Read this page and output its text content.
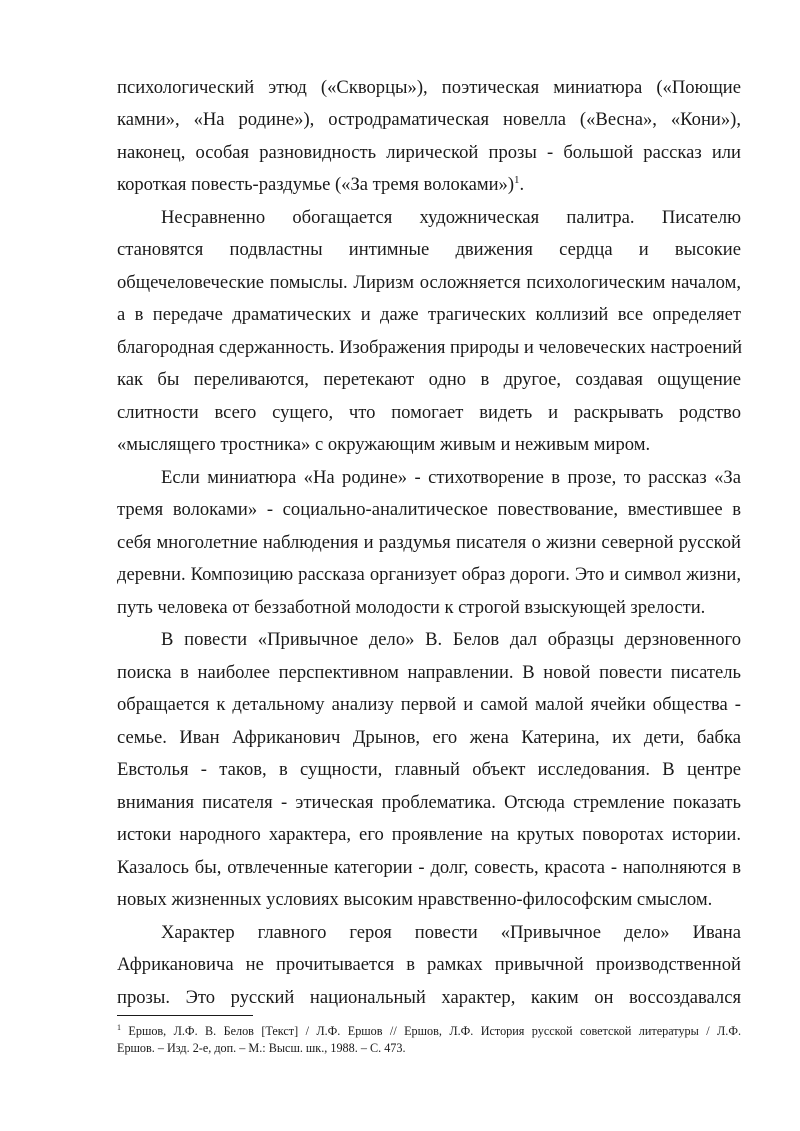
психологический этюд («Скворцы»), поэтическая миниатюра («Поющие
камни», «На родине»), остродраматическая новелла («Весна», «Кони»),
наконец, особая разновидность лирической прозы - большой рассказ или
короткая повесть-раздумье («За тремя волоками»)$^1$.
Несравненно обогащается художническая палитра. Писателю
становятся подвластны интимные движения сердца и высокие
общечеловеческие помыслы. Лиризм осложняется психологическим началом,
а в передаче драматических и даже трагических коллизий все определяет
благородная сдержанность. Изображения природы и человеческих настроений
как бы переливаются, перетекают одно в другое, создавая ощущение
слитности всего сущего, что помогает видеть и раскрывать родство
«мыслящего тростника» с окружающим живым и неживым миром.
Если миниатюра «На родине» - стихотворение в прозе, то рассказ «За
тремя волоками» - социально-аналитическое повествование, вместившее в
себя многолетние наблюдения и раздумья писателя о жизни северной русской
деревни. Композицию рассказа организует образ дороги. Это и символ жизни,
путь человека от беззаботной молодости к строгой взыскующей зрелости.
В повести «Привычное дело» В. Белов дал образцы дерзновенного
поиска в наиболее перспективном направлении. В новой повести писатель
обращается к детальному анализу первой и самой малой ячейки общества -
семье. Иван Африканович Дрынов, его жена Катерина, их дети, бабка
Евстолья - таков, в сущности, главный объект исследования. В центре
внимания писателя - этическая проблематика. Отсюда стремление показать
истоки народного характера, его проявление на крутых поворотах истории.
Казалось бы, отвлеченные категории - долг, совесть, красота - наполняются в
новых жизненных условиях высоким нравственно-философским смыслом.
Характер главного героя повести «Привычное дело» Ивана
Африкановича не прочитывается в рамках привычной производственной
прозы. Это русский национальный характер, каким он воссоздавался
$^1$ Ершов, Л.Ф. В. Белов [Текст] / Л.Ф. Ершов // Ершов, Л.Ф. История русской советской литературы / Л.Ф.
Ершов. – Изд. 2-е, доп. – М.: Высш. шк., 1988. – С. 473.
